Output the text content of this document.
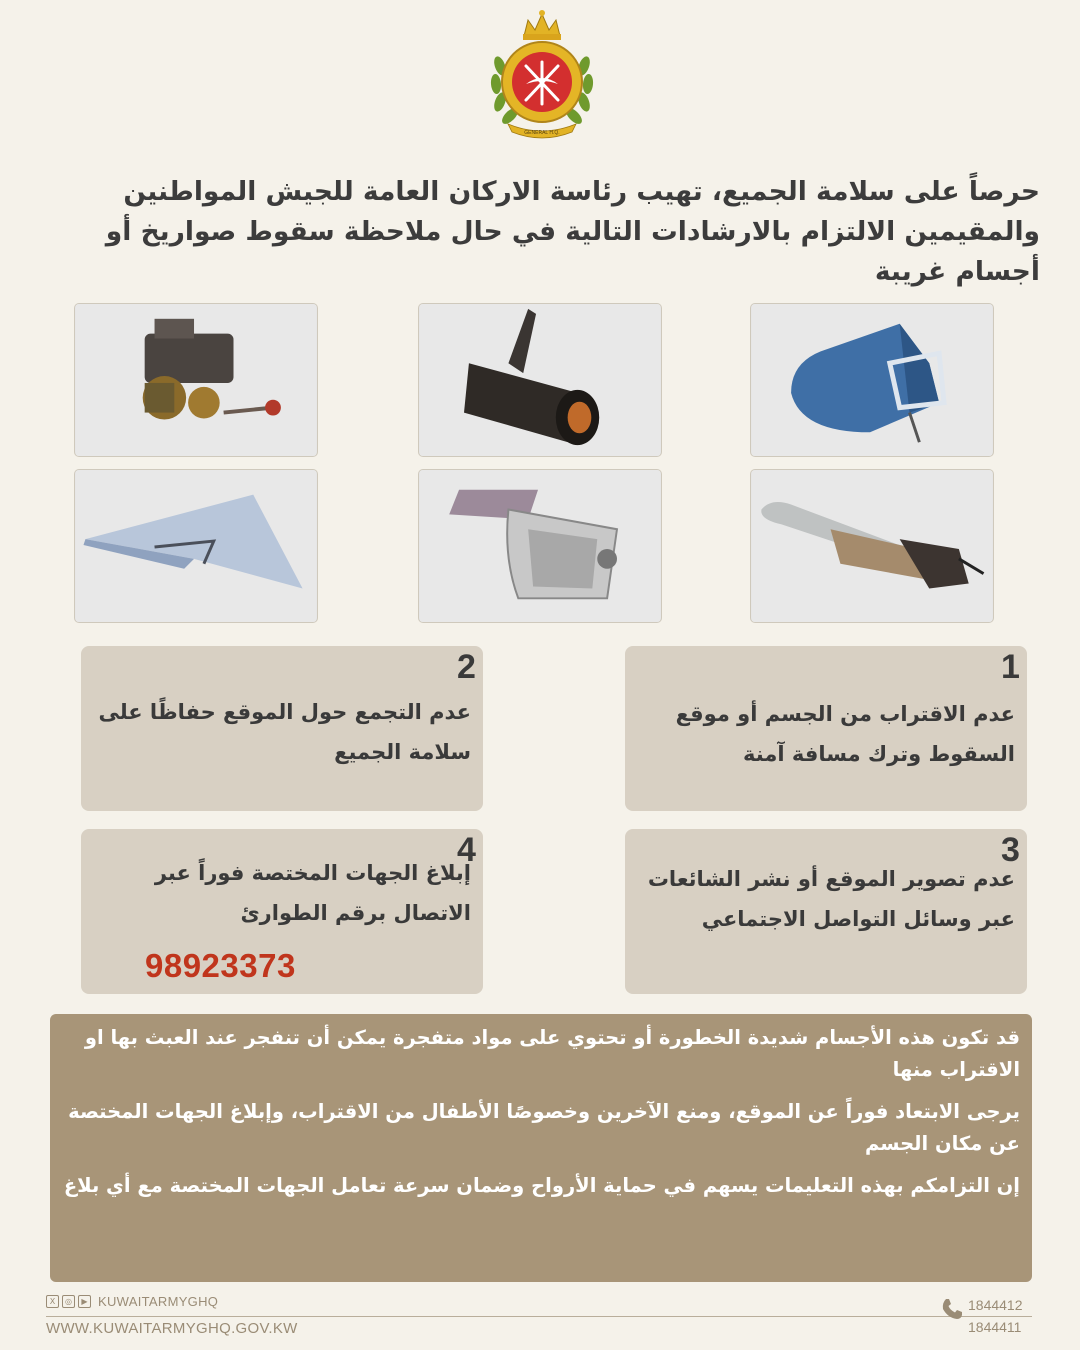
GENERAL H.Q.
حرصاً على سلامة الجميع، تهيب رئاسة الاركان العامة للجيش المواطنين والمقيمين الالتزام بالارشادات التالية في حال ملاحظة سقوط صواريخ أو أجسام غريبة
1
عدم الاقتراب من الجسم أو موقع السقوط وترك مسافة آمنة
2
عدم التجمع حول الموقع حفاظًا على سلامة الجميع
3
عدم تصوير الموقع أو نشر الشائعات عبر وسائل التواصل الاجتماعي
4
إبلاغ الجهات المختصة فوراً عبر الاتصال برقم الطوارئ
98923373

قد تكون هذه الأجسام شديدة الخطورة أو تحتوي على مواد متفجرة يمكن أن تنفجر عند العبث بها او الاقتراب منها

يرجى الابتعاد فوراً عن الموقع، ومنع الآخرين وخصوصًا الأطفال من الاقتراب، وإبلاغ الجهات المختصة عن مكان الجسم

إن التزامكم بهذه التعليمات يسهم في حماية الأرواح وضمان سرعة تعامل الجهات المختصة مع أي بلاغ

X	◎	▶ KUWAITARMYGHQ
WWW.KUWAITARMYGHQ.GOV.KW
1844412
1844411
